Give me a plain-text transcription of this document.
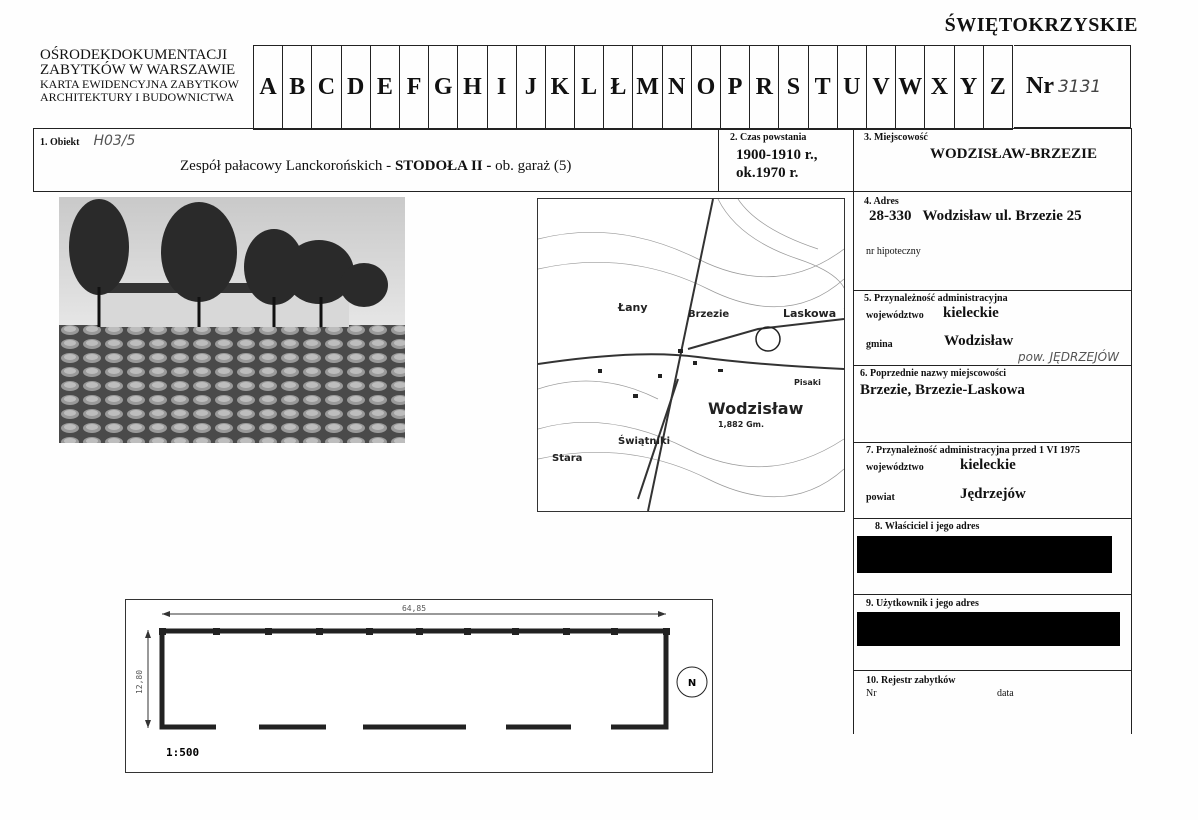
ŚWIĘTOKRZYSKIE
OŚRODEKDOKUMENTACJI
ZABYTKÓW W WARSZAWIE
KARTA EWIDENCYJNA ZABYTKOW
ARCHITEKTURY I BUDOWNICTWA A B C D E F G H I J K L Ł M N O P R S T U V W X Y Z Nr 3131
1. Obiekt H03/5
Zespół pałacowy Lanckorońskich - STODOŁA II - ob. garaż (5)
2. Czas powstania
1900-1910 r.,
ok.1970 r.
3. Miejscowość
WODZISŁAW-BRZEZIE
4. Adres
28-330   Wodzisław ul. Brzezie 25
nr hipoteczny
5. Przynależność administracyjna
województwo kieleckie
gmina	Wodzisław
pow. JĘDRZEJÓW
6. Poprzednie nazwy miejscowości
Brzezie, Brzezie-Laskowa
7. Przynależność administracyjna przed 1 VI 1975
województwo kieleckie
powiat	Jędrzejów
8. Właściciel i jego adres
9. Użytkownik i jego adres
10. Rejestr zabytków
Nr	data
Wodzisław
Brzezie	Laskowa
Łany
Świątniki
Stara
Pisaki
1,882 Gm.
N
64,85
12,80
1:500
